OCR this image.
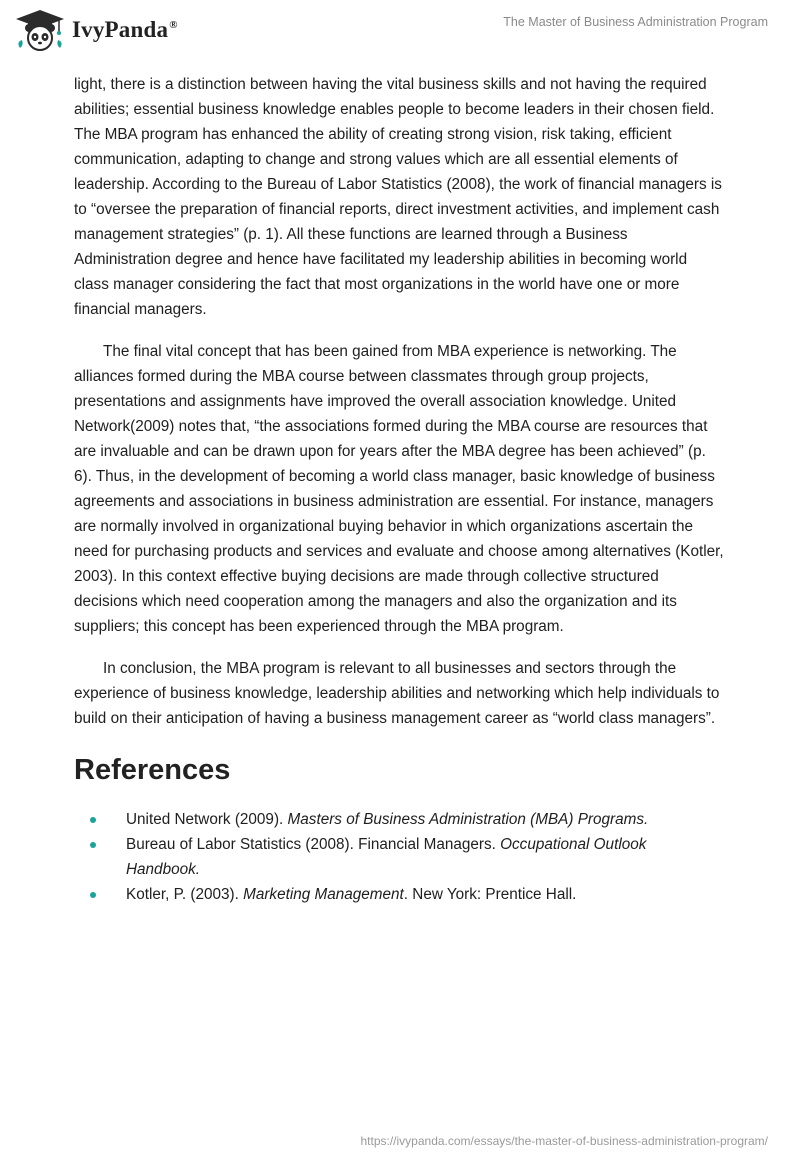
IvyPanda®	The Master of Business Administration Program

light, there is a distinction between having the vital business skills and not having the required abilities; essential business knowledge enables people to become leaders in their chosen field. The MBA program has enhanced the ability of creating strong vision, risk taking, efficient communication, adapting to change and strong values which are all essential elements of leadership. According to the Bureau of Labor Statistics (2008), the work of financial managers is to “oversee the preparation of financial reports, direct investment activities, and implement cash management strategies” (p. 1). All these functions are learned through a Business Administration degree and hence have facilitated my leadership abilities in becoming world class manager considering the fact that most organizations in the world have one or more financial managers.

The final vital concept that has been gained from MBA experience is networking. The alliances formed during the MBA course between classmates through group projects, presentations and assignments have improved the overall association knowledge. United Network(2009) notes that, “the associations formed during the MBA course are resources that are invaluable and can be drawn upon for years after the MBA degree has been achieved” (p. 6). Thus, in the development of becoming a world class manager, basic knowledge of business agreements and associations in business administration are essential. For instance, managers are normally involved in organizational buying behavior in which organizations ascertain the need for purchasing products and services and evaluate and choose among alternatives (Kotler, 2003). In this context effective buying decisions are made through collective structured decisions which need cooperation among the managers and also the organization and its suppliers; this concept has been experienced through the MBA program.

In conclusion, the MBA program is relevant to all businesses and sectors through the experience of business knowledge, leadership abilities and networking which help individuals to build on their anticipation of having a business management career as “world class managers”.

References
United Network (2009). Masters of Business Administration (MBA) Programs.
Bureau of Labor Statistics (2008). Financial Managers. Occupational Outlook Handbook.
Kotler, P. (2003). Marketing Management. New York: Prentice Hall.
https://ivypanda.com/essays/the-master-of-business-administration-program/
